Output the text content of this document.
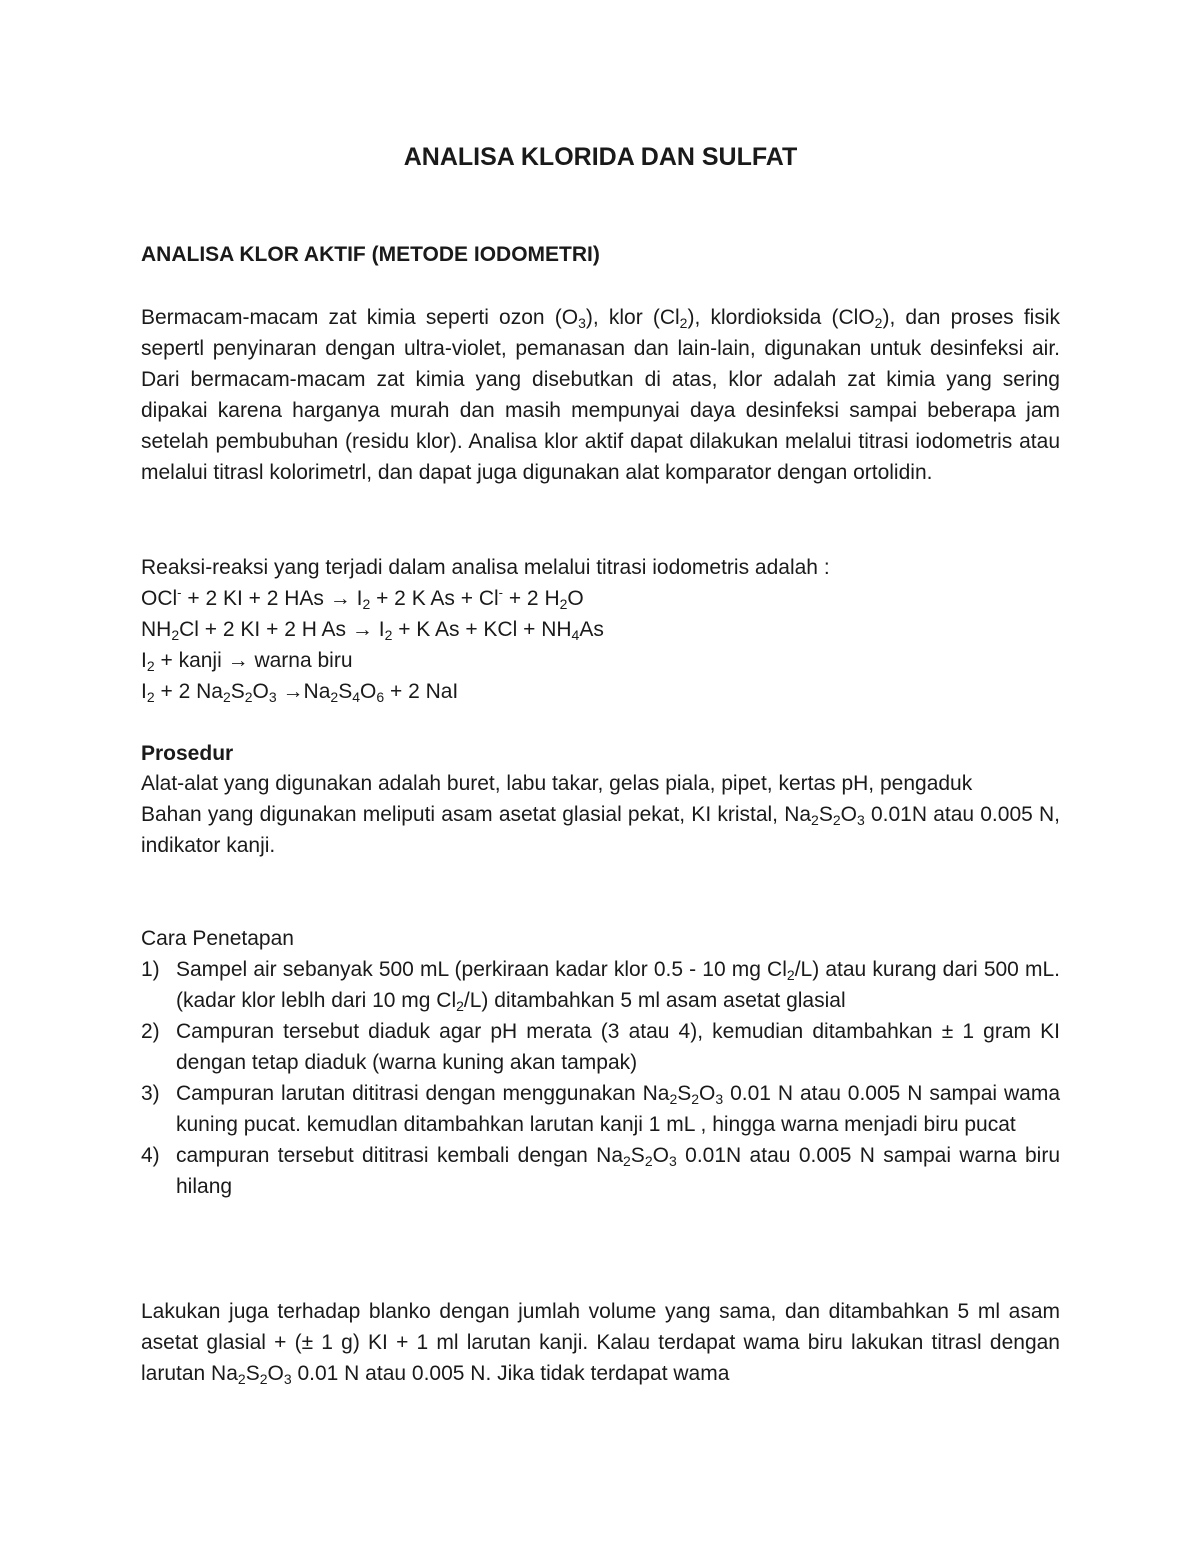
ANALISA KLORIDA DAN SULFAT
ANALISA KLOR AKTIF (METODE IODOMETRI)

Bermacam-macam zat kimia seperti ozon $(O_3)$, klor $(Cl_2)$, klordioksida (ClO$_2$), dan proses fisik sepertl penyinaran dengan ultra-violet, pemanasan dan lain-lain, digunakan untuk desinfeksi air. Dari bermacam-macam zat kimia yang disebutkan di atas, klor adalah zat kimia yang sering dipakai karena harganya murah dan masih mempunyai daya desinfeksi sampai beberapa jam setelah pembubuhan (residu klor). Analisa klor aktif dapat dilakukan melalui titrasi iodometris atau melalui titrasl kolorimetrl, dan dapat juga digunakan alat komparator dengan ortolidin.

Reaksi-reaksi yang terjadi dalam analisa melalui titrasi iodometris adalah :
OCl- + 2 KI + 2 HAs → $I_2 + 2$ K As + Cl- + 2 $H_2O$
$NH_2Cl + 2$ KI + 2 H $As \to I_2 + K$ As + KCl + $NH_4As$
$I_2$ + kanji → warna biru
$I_2 + 2$ $Na_2S_2O_3 \to Na_2S_4O_6 + 2$ NaI
Prosedur
Alat-alat yang digunakan adalah buret, labu takar, gelas piala, pipet, kertas pH, pengaduk
Bahan yang digunakan meliputi asam asetat glasial pekat, KI kristal, $Na_2S_2O_3$ 0.01N atau 0.005 N, indikator kanji.
Cara Penetapan
1) Sampel air sebanyak 500 mL (perkiraan kadar klor 0.5 - 10 mg $Cl_2/L$) atau kurang dari 500 mL. (kadar klor leblh dari 10 mg $Cl_2/L$) ditambahkan 5 ml asam asetat glasial
2) Campuran tersebut diaduk agar pH merata (3 atau 4), kemudian ditambahkan ± 1 gram KI dengan tetap diaduk (warna kuning akan tampak)
3) Campuran larutan dititrasi dengan menggunakan $Na_2S_2O_3$ 0.01 N atau 0.005 N sampai wama kuning pucat. kemudlan ditambahkan larutan kanji 1 mL , hingga warna menjadi biru pucat
4) campuran tersebut dititrasi kembali dengan $Na_2S_2O_3$ 0.01N atau 0.005 N sampai warna biru hilang

Lakukan juga terhadap blanko dengan jumlah volume yang sama, dan ditambahkan 5 ml asam asetat glasial + (± 1 g) KI + 1 ml larutan kanji. Kalau terdapat wama biru lakukan titrasl dengan larutan $Na_2S_2O_3$ 0.01 N atau 0.005 N. Jika tidak terdapat wama
